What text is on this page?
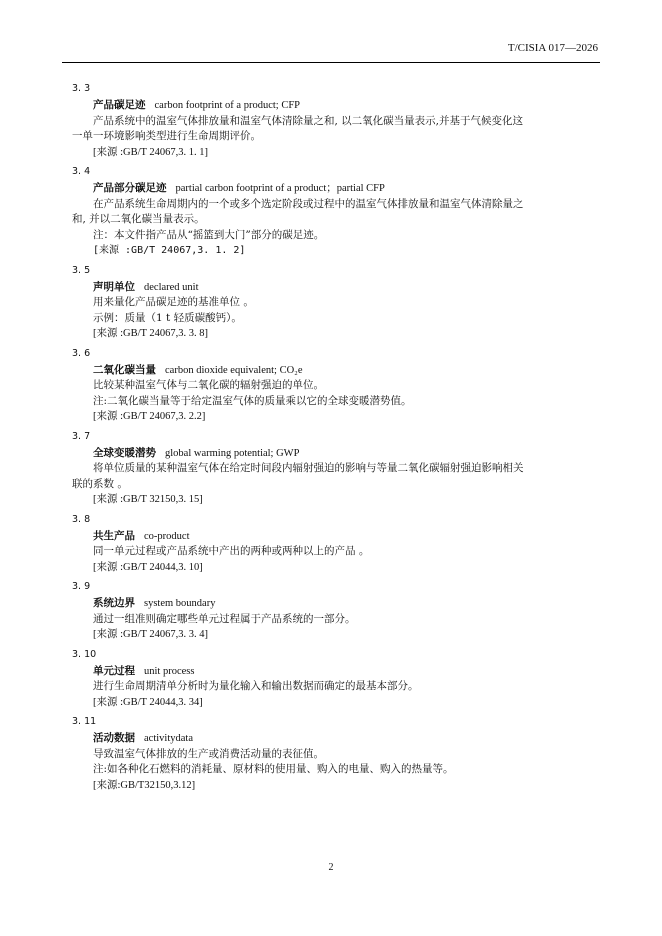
T/CISIA 017—2026
3. 3
产品碳足迹 carbon footprint of a product; CFP
产品系统中的温室气体排放量和温室气体清除量之和, 以二氧化碳当量表示,并基于气候变化这
一单一环境影响类型进行生命周期评价。
[来源 :GB/T 24067,3. 1. 1]
3. 4
产品部分碳足迹 partial carbon footprint of a product；partial CFP
在产品系统生命周期内的一个或多个选定阶段或过程中的温室气体排放量和温室气体清除量之
和, 并以二氧化碳当量表示。
注：本文件指产品从“摇篮到大门”部分的碳足迹。
[来源 :GB/T 24067,3. 1. 2]
3. 5
声明单位 declared unit
用来量化产品碳足迹的基准单位 。
示例：质量（1 t 轻质碳酸钙）。
[来源 :GB/T 24067,3. 3. 8]
3. 6
二氧化碳当量 carbon dioxide equivalent; CO₂e
比较某种温室气体与二氧化碳的辐射强迫的单位。
注:二氧化碳当量等于给定温室气体的质量乘以它的全球变暖潜势值。
[来源 :GB/T 24067,3. 2.2]
3. 7
全球变暖潜势 global warming potential; GWP
将单位质量的某种温室气体在给定时间段内辐射强迫的影响与等量二氧化碳辐射强迫影响相关
联的系数 。
[来源 :GB/T 32150,3. 15]
3. 8
共生产品 co-product
同一单元过程或产品系统中产出的两种或两种以上的产品 。
[来源 :GB/T 24044,3. 10]
3. 9
系统边界 system boundary
通过一组准则确定哪些单元过程属于产品系统的一部分。
[来源 :GB/T 24067,3. 3. 4]
3. 10
单元过程 unit process
进行生命周期清单分析时为量化输入和输出数据而确定的最基本部分。
[来源 :GB/T 24044,3. 34]
3. 11
活动数据 activitydata
导致温室气体排放的生产或消费活动量的表征值。
注:如各种化石燃料的消耗量、原材料的使用量、购入的电量、购入的热量等。
[来源:GB/T32150,3.12]
2
